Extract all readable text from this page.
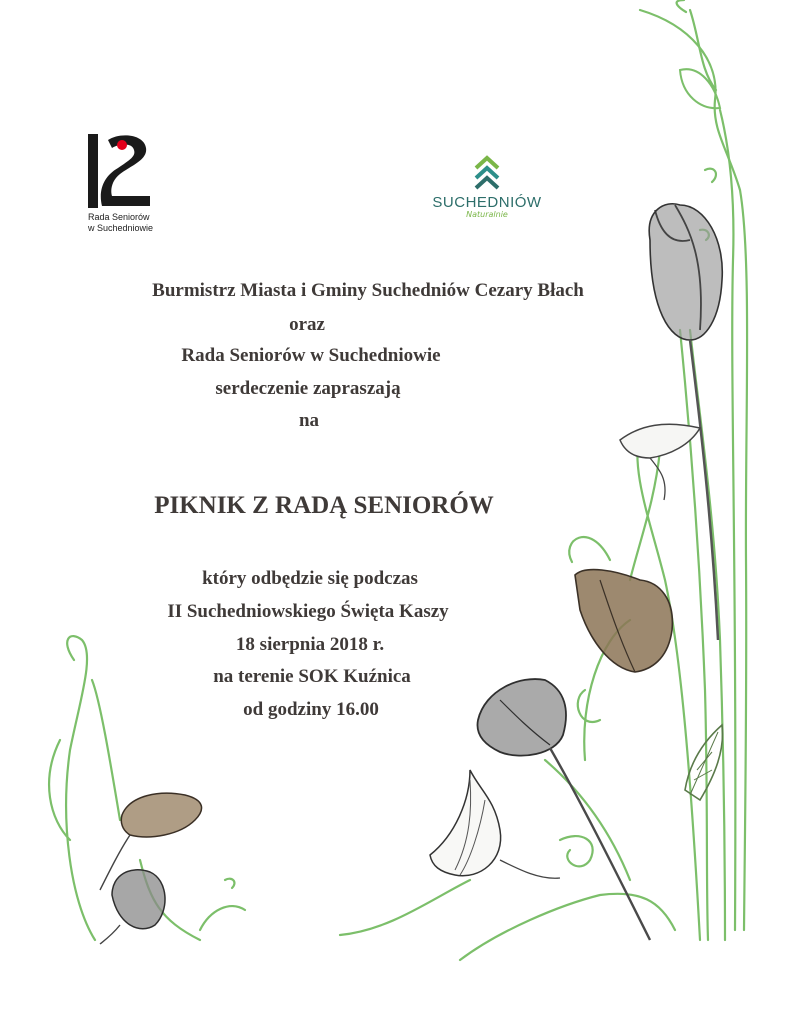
Rada Seniorów
w Suchedniowie
SUCHEDNIÓW
Naturalnie
Burmistrz Miasta i Gminy Suchedniów Cezary Błach
oraz
Rada Seniorów w Suchedniowie
serdeczenie zapraszają
na
PIKNIK Z RADĄ SENIORÓW
który odbędzie się podczas
II Suchedniowskiego Święta Kaszy
18 sierpnia 2018 r.
na terenie SOK Kuźnica
od godziny 16.00
